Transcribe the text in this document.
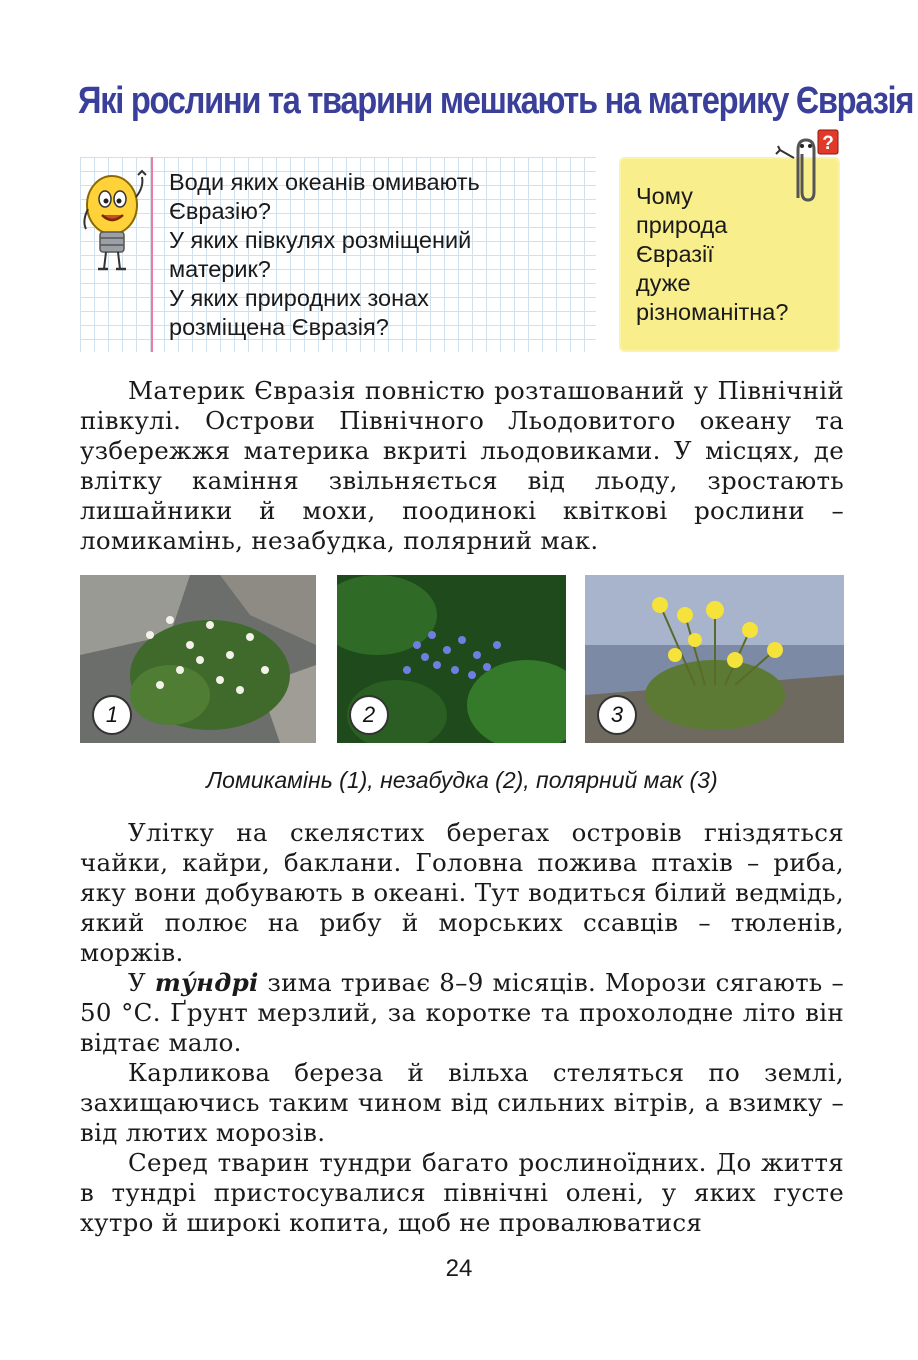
Які рослини та тварини мешкають на материку Євразія
Води яких океанів омивають
Євразію?
У яких півкулях розміщений
материк?
У яких природних зонах
розміщена Євразія?
Чому
природа
Євразії
дуже
різноманітна?
?
Материк Євразія повністю розташований у Північній півкулі. Острови Північного Льодовитого океану та узбережжя материка вкриті льодовиками. У місцях, де влітку каміння звільняється від льоду, зростають лишайники й мохи, поодинокі квіткові рослини – ломикамінь, незабудка, полярний мак.
1	2	3
Ломикамінь (1), незабудка (2), полярний мак (3)
Улітку на скелястих берегах островів гніздяться чайки, кайри, баклани. Головна пожива птахів – риба, яку вони добувають в океані. Тут водиться білий ведмідь, який полює на рибу й морських ссавців – тюленів, моржів.
У ту́ндрі зима триває 8–9 місяців. Морози сягають –50 °С. Ґрунт мерзлий, за коротке та прохолодне літо він відтає мало.
Карликова береза й вільха стеляться по землі, захищаючись таким чином від сильних вітрів, а взимку – від лютих морозів.
Серед тварин тундри багато рослиноїдних. До життя в тундрі пристосувалися північні олені, у яких густе хутро й широкі копита, щоб не провалюватися
24
